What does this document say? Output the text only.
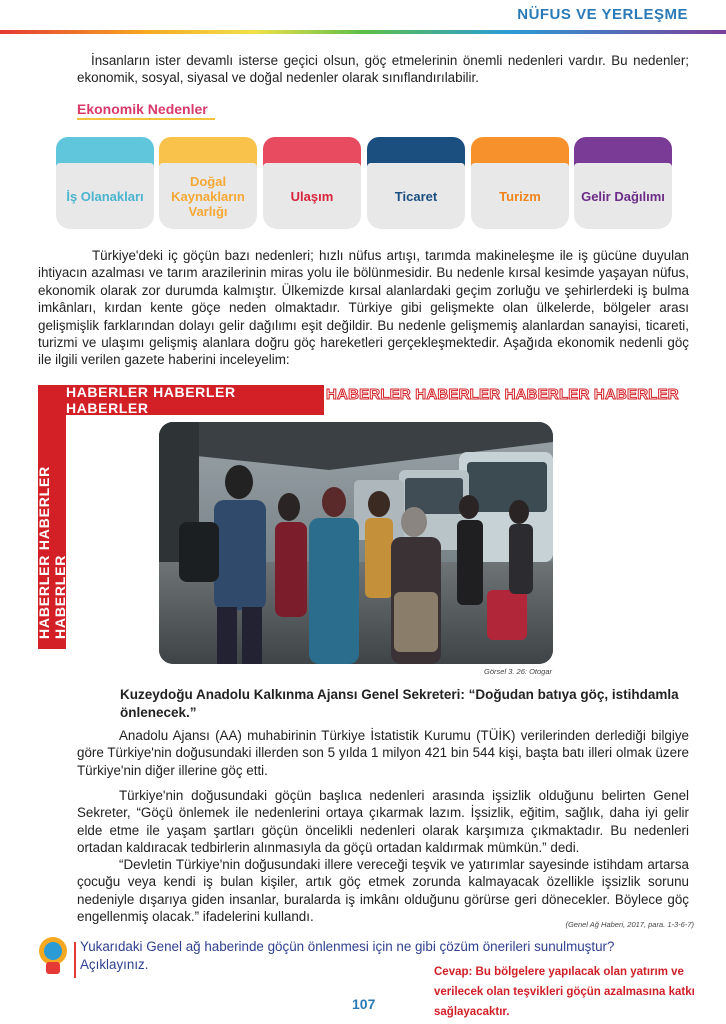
NÜFUS VE YERLEŞME
İnsanların ister devamlı isterse geçici olsun, göç etmelerinin önemli nedenleri vardır. Bu nedenler; ekonomik, sosyal, siyasal ve doğal nedenler olarak sınıflandırılabilir.
Ekonomik Nedenler
İş Olanakları
Doğal Kaynakların Varlığı
Ulaşım	Ticaret	Turizm	Gelir Dağılımı
Türkiye'deki iç göçün bazı nedenleri; hızlı nüfus artışı, tarımda makineleşme ile iş gücüne duyulan ihtiyacın azalması ve tarım arazilerinin miras yolu ile bölünmesidir. Bu nedenle kırsal kesimde yaşayan nüfus, ekonomik olarak zor durumda kalmıştır. Ülkemizde kırsal alanlardaki geçim zorluğu ve şehirlerdeki iş bulma imkânları, kırdan kente göçe neden olmaktadır. Türkiye gibi gelişmekte olan ülkelerde, bölgeler arası gelişmişlik farklarından dolayı gelir dağılımı eşit değildir. Bu nedenle gelişmemiş alanlardan sanayisi, ticareti, turizmi ve ulaşımı gelişmiş alanlara doğru göç hareketleri gerçekleşmektedir. Aşağıda ekonomik nedenli göç ile ilgili verilen gazete haberini inceleyelim:
HABERLER HABERLER HABERLER
HABERLER HABERLER HABERLER
HABERLER HABERLER HABERLER HABERLER
Görsel 3. 26: Otogar
Kuzeydoğu Anadolu Kalkınma Ajansı Genel Sekreteri: “Doğudan batıya göç, istihdamla önlenecek.”
Anadolu Ajansı (AA) muhabirinin Türkiye İstatistik Kurumu (TÜİK) verilerinden derlediği bilgiye göre Türkiye'nin doğusundaki illerden son 5 yılda 1 milyon 421 bin 544 kişi, başta batı illeri olmak üzere Türkiye'nin diğer illerine göç etti.
Türkiye'nin doğusundaki göçün başlıca nedenleri arasında işsizlik olduğunu belirten Genel Sekreter, “Göçü önlemek ile nedenlerini ortaya çıkarmak lazım. İşsizlik, eğitim, sağlık, daha iyi gelir elde etme ile yaşam şartları göçün öncelikli nedenleri olarak karşımıza çıkmaktadır. Bu nedenleri ortadan kaldıracak tedbirlerin alınmasıyla da göçü ortadan kaldırmak mümkün.” dedi.
“Devletin Türkiye'nin doğusundaki illere vereceği teşvik ve yatırımlar sayesinde istihdam artarsa çocuğu veya kendi iş bulan kişiler, artık göç etmek zorunda kalmayacak özellikle işsizlik sorunu nedeniyle dışarıya giden insanlar, buralarda iş imkânı olduğunu görürse geri dönecekler. Böylece göç engellenmiş olacak.” ifadelerini kullandı.
(Genel Ağ Haberi, 2017, para. 1-3-6-7)
Yukarıdaki Genel ağ haberinde göçün önlenmesi için ne gibi çözüm önerileri sunulmuştur? Açıklayınız.	Cevap: Bu bölgelere yapılacak olan yatırım ve verilecek olan teşvikleri göçün azalmasına katkı sağlayacaktır.
107
